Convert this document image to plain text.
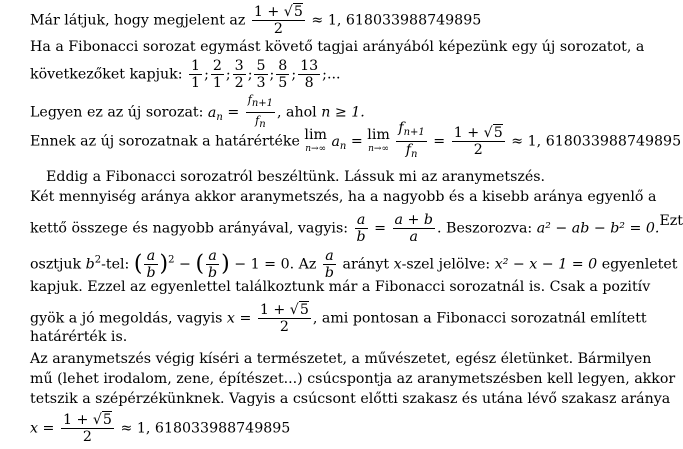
Már látjuk, hogy megjelent az $\frac{1 + √5}{2} \approx 1$, 618033988749895
Ha a Fibonacci sorozat egymást követő tagjai arányából képezünk egy új sorozatot, a
következőket kapjuk: $\frac{1}{1}$ ; $\frac{2}{1}$ ; $\frac{3}{2}$ ; $\frac{5}{3}$ ; $\frac{8}{5}$ ; $\frac{13}{8}$ ;...
Legyen ez az új sorozat: $a_n = \frac{fn+1}{fn}$ , ahol n ≥ 1.
Ennek az új sorozatnak a határértéke lim
n→∞ $a_n = \lim$
n→∞
$\frac{f_{n+1}}{f_n} = \frac{1 + √5}{2} \approx 1$, 618033988749895
Eddig a Fibonacci sorozatról beszéltünk. Lássuk mi az aranymetszés.
Két mennyiség aránya akkor aranymetszés, ha a nagyobb és a kisebb aránya egyenlő a
kettő összege és nagyobb arányával, vagyis: $\frac{a}{b} = \frac{a + b}{a}$ . Beszorozva: a² − ab − b² = 0. Ezt
osztjuk $b^2$-tel: ( $\frac{a}{b} )^2$ − ( $\frac{a}{b}$ ) − 1 = 0. Az $\frac{a}{b}$ arányt x-szel jelölve: x² − x − 1 = 0 egyenletet
kapjuk. Ezzel az egyenlettel találkoztunk már a Fibonacci sorozatnál is. Csak a pozitív
gyök a jó megoldás, vagyis $x = \frac{1 + √5}{2}$ , ami pontosan a Fibonacci sorozatnál említett
határérték is.
Az aranymetszés végig kíséri a természetet, a művészetet, egész életünket. Bármilyen
mű (lehet irodalom, zene, építészet...) csúcspontja az aranymetszésben kell legyen, akkor
tetszik a szépérzékünknek. Vagyis a csúcsont előtti szakasz és utána lévő szakasz aránya
$x = \frac{1 + √5}{2} \approx 1$, 618033988749895
